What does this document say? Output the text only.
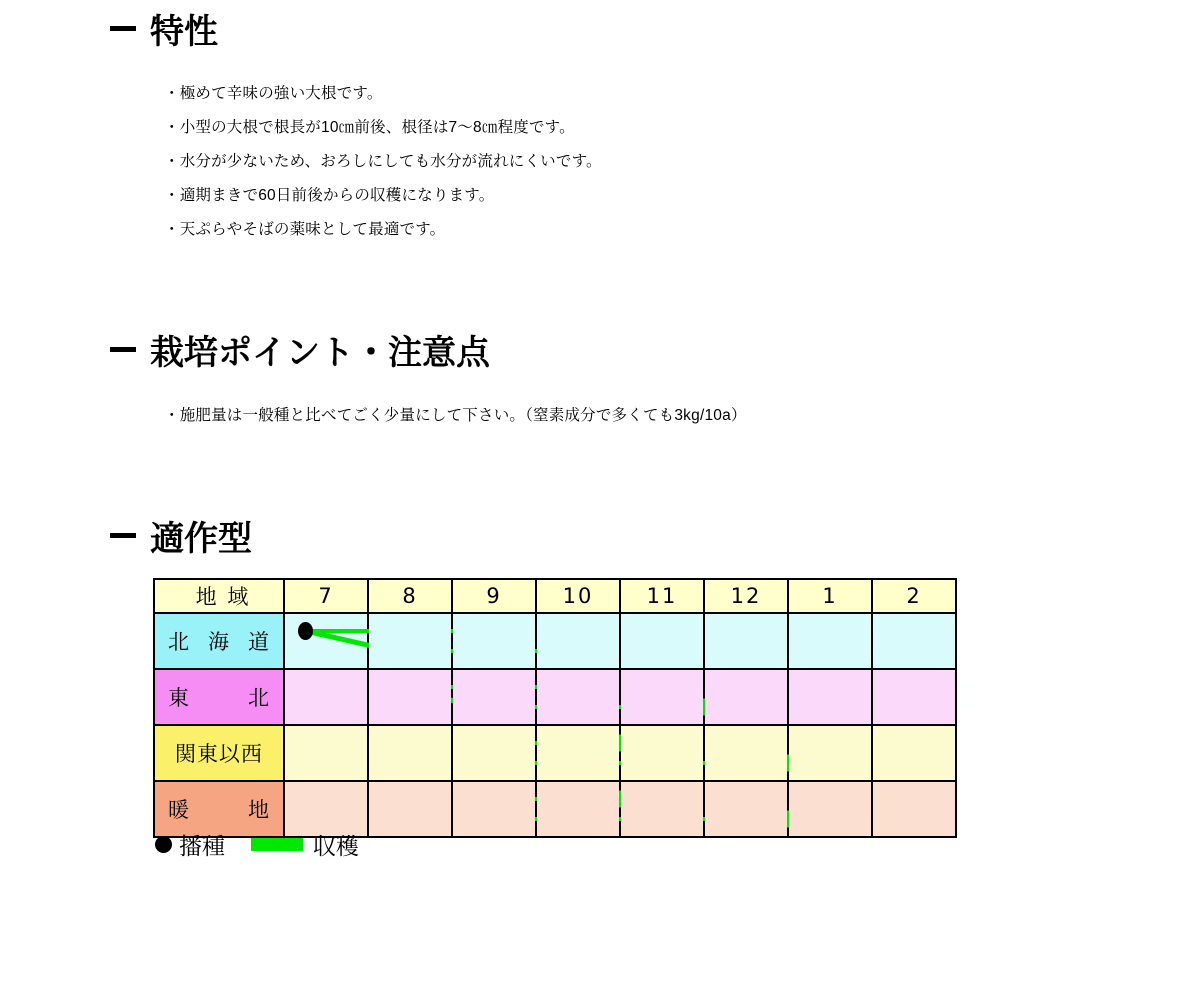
特性
・極めて辛味の強い大根です。
・小型の大根で根長が10㎝前後、根径は7～8㎝程度です。
・水分が少ないため、おろしにしても水分が流れにくいです。
・適期まきで60日前後からの収穫になります。
・天ぷらやそばの薬味として最適です。
栽培ポイント・注意点
・施肥量は一般種と比べてごく少量にして下さい。（窒素成分で多くても3kg/10a）
適作型
地 域	7	8	9	10	11	12	1	2

北 海 道

東 北

関東以西

暖 地

播種	収穫
